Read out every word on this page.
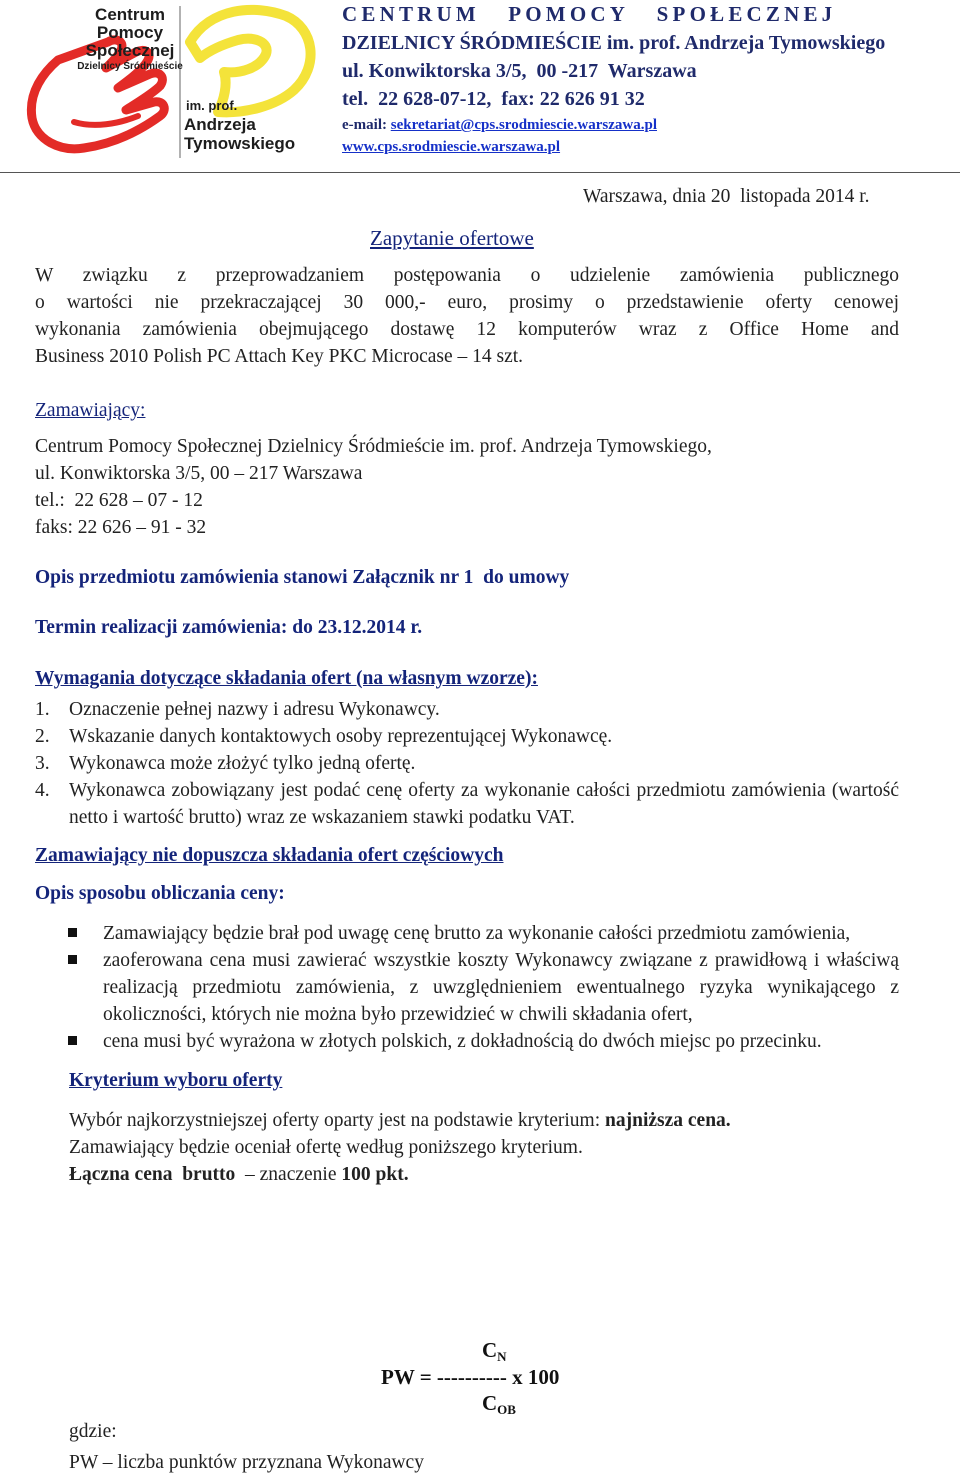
Centrum
Pomocy
Społecznej
Dzielnicy Śródmieście
im. prof.
Andrzeja
Tymowskiego
CENTRUM   POMOCY   SPOŁECZNEJ
DZIELNICY ŚRÓDMIEŚCIE im. prof. Andrzeja Tymowskiego
ul. Konwiktorska 3/5,  00 -217  Warszawa
tel.  22 628-07-12,  fax: 22 626 91 32
e-mail: sekretariat@cps.srodmiescie.warszawa.pl
www.cps.srodmiescie.warszawa.pl
Warszawa, dnia 20  listopada 2014 r.
Zapytanie ofertowe
W związku z przeprowadzaniem postępowania o udzielenie zamówienia publicznego
o wartości nie przekraczającej 30 000,- euro, prosimy o przedstawienie oferty cenowej
wykonania zamówienia obejmującego dostawę 12 komputerów wraz z Office Home and
Business 2010 Polish PC Attach Key PKC Microcase – 14 szt.
Zamawiający:
Centrum Pomocy Społecznej Dzielnicy Śródmieście im. prof. Andrzeja Tymowskiego,
ul. Konwiktorska 3/5, 00 – 217 Warszawa
tel.:  22 628 – 07 - 12
faks: 22 626 – 91 - 32
Opis przedmiotu zamówienia stanowi Załącznik nr 1  do umowy
Termin realizacji zamówienia: do 23.12.2014 r.
Wymagania dotyczące składania ofert (na własnym wzorze):
1. Oznaczenie pełnej nazwy i adresu Wykonawcy.
2. Wskazanie danych kontaktowych osoby reprezentującej Wykonawcę.
3. Wykonawca może złożyć tylko jedną ofertę.
4. Wykonawca zobowiązany jest podać cenę oferty za wykonanie całości przedmiotu zamówienia (wartość netto i wartość brutto) wraz ze wskazaniem stawki podatku VAT.
Zamawiający nie dopuszcza składania ofert częściowych
Opis sposobu obliczania ceny:
Zamawiający będzie brał pod uwagę cenę brutto za wykonanie całości przedmiotu zamówienia,
zaoferowana cena musi zawierać wszystkie koszty Wykonawcy związane z prawidłową i właściwą realizacją przedmiotu zamówienia, z uwzględnieniem ewentualnego ryzyka wynikającego z okoliczności, których nie można było przewidzieć w chwili składania ofert,
cena musi być wyrażona w złotych polskich, z dokładnością do dwóch miejsc po przecinku.
Kryterium wyboru oferty
Wybór najkorzystniejszej oferty oparty jest na podstawie kryterium: najniższa cena.
Zamawiający będzie oceniał ofertę według poniższego kryterium.
Łączna cena  brutto  – znaczenie 100 pkt.
$C_N$
PW = ---------- x 100
$C_{OB}$
gdzie:
PW – liczba punktów przyznana Wykonawcy
